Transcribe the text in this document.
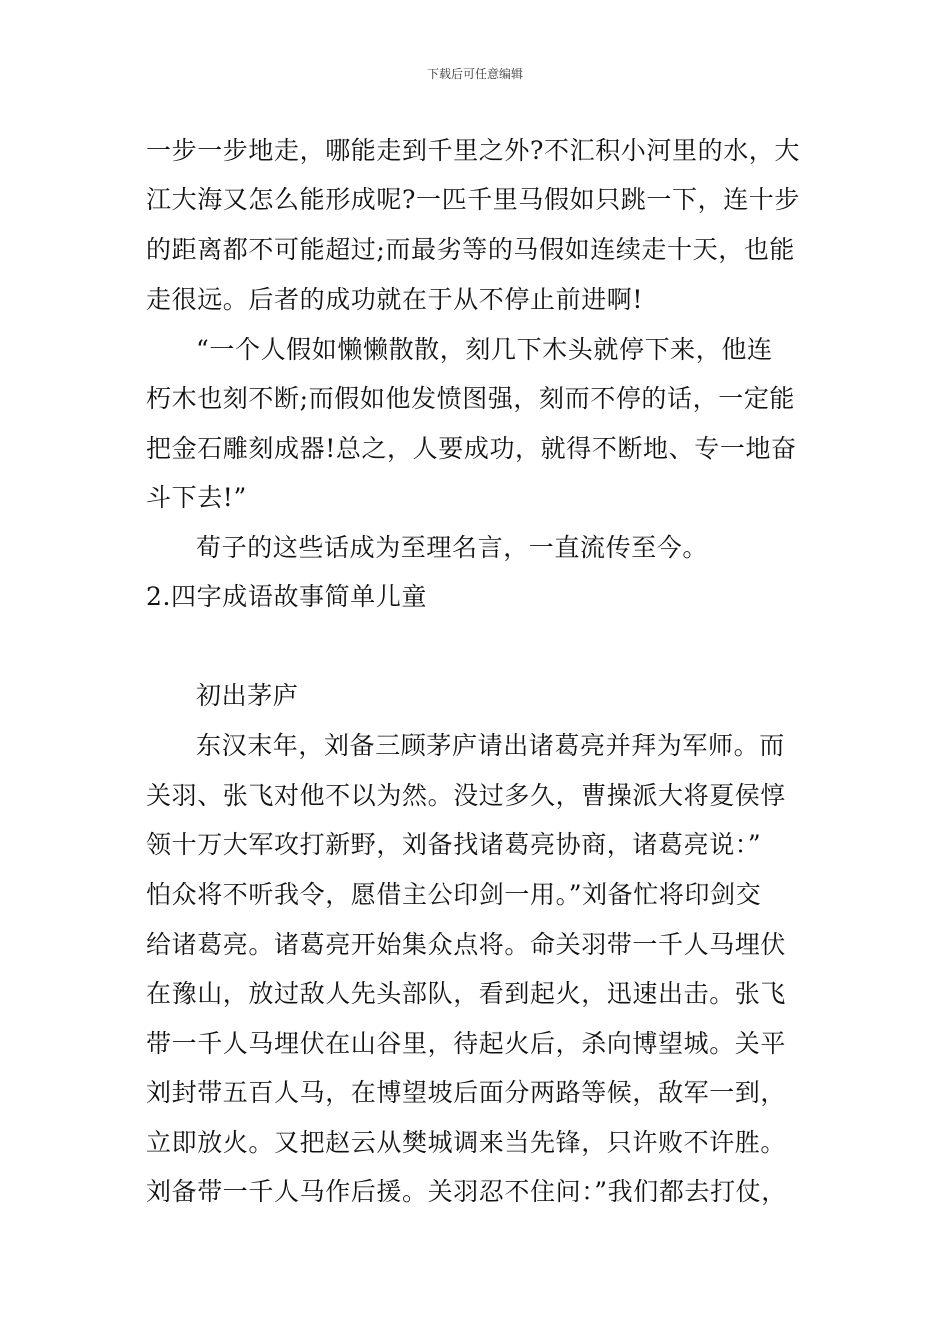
下载后可任意编辑
一步一步地走，哪能走到千里之外?不汇积小河里的水，大
江大海又怎么能形成呢?一匹千里马假如只跳一下，连十步
的距离都不可能超过;而最劣等的马假如连续走十天，也能
走很远。后者的成功就在于从不停止前进啊!
“一个人假如懒懒散散，刻几下木头就停下来，他连
朽木也刻不断;而假如他发愤图强，刻而不停的话，一定能
把金石雕刻成器!总之，人要成功，就得不断地、专一地奋
斗下去!”
荀子的这些话成为至理名言，一直流传至今。
2.四字成语故事简单儿童
初出茅庐
东汉末年，刘备三顾茅庐请出诸葛亮并拜为军师。而
关羽、张飞对他不以为然。没过多久，曹操派大将夏侯惇
领十万大军攻打新野，刘备找诸葛亮协商，诸葛亮说：”
怕众将不听我令，愿借主公印剑一用。”刘备忙将印剑交
给诸葛亮。诸葛亮开始集众点将。命关羽带一千人马埋伏
在豫山，放过敌人先头部队，看到起火，迅速出击。张飞
带一千人马埋伏在山谷里，待起火后，杀向博望城。关平
刘封带五百人马，在博望坡后面分两路等候，敌军一到，
立即放火。又把赵云从樊城调来当先锋，只许败不许胜。
刘备带一千人马作后援。关羽忍不住问：”我们都去打仗，
